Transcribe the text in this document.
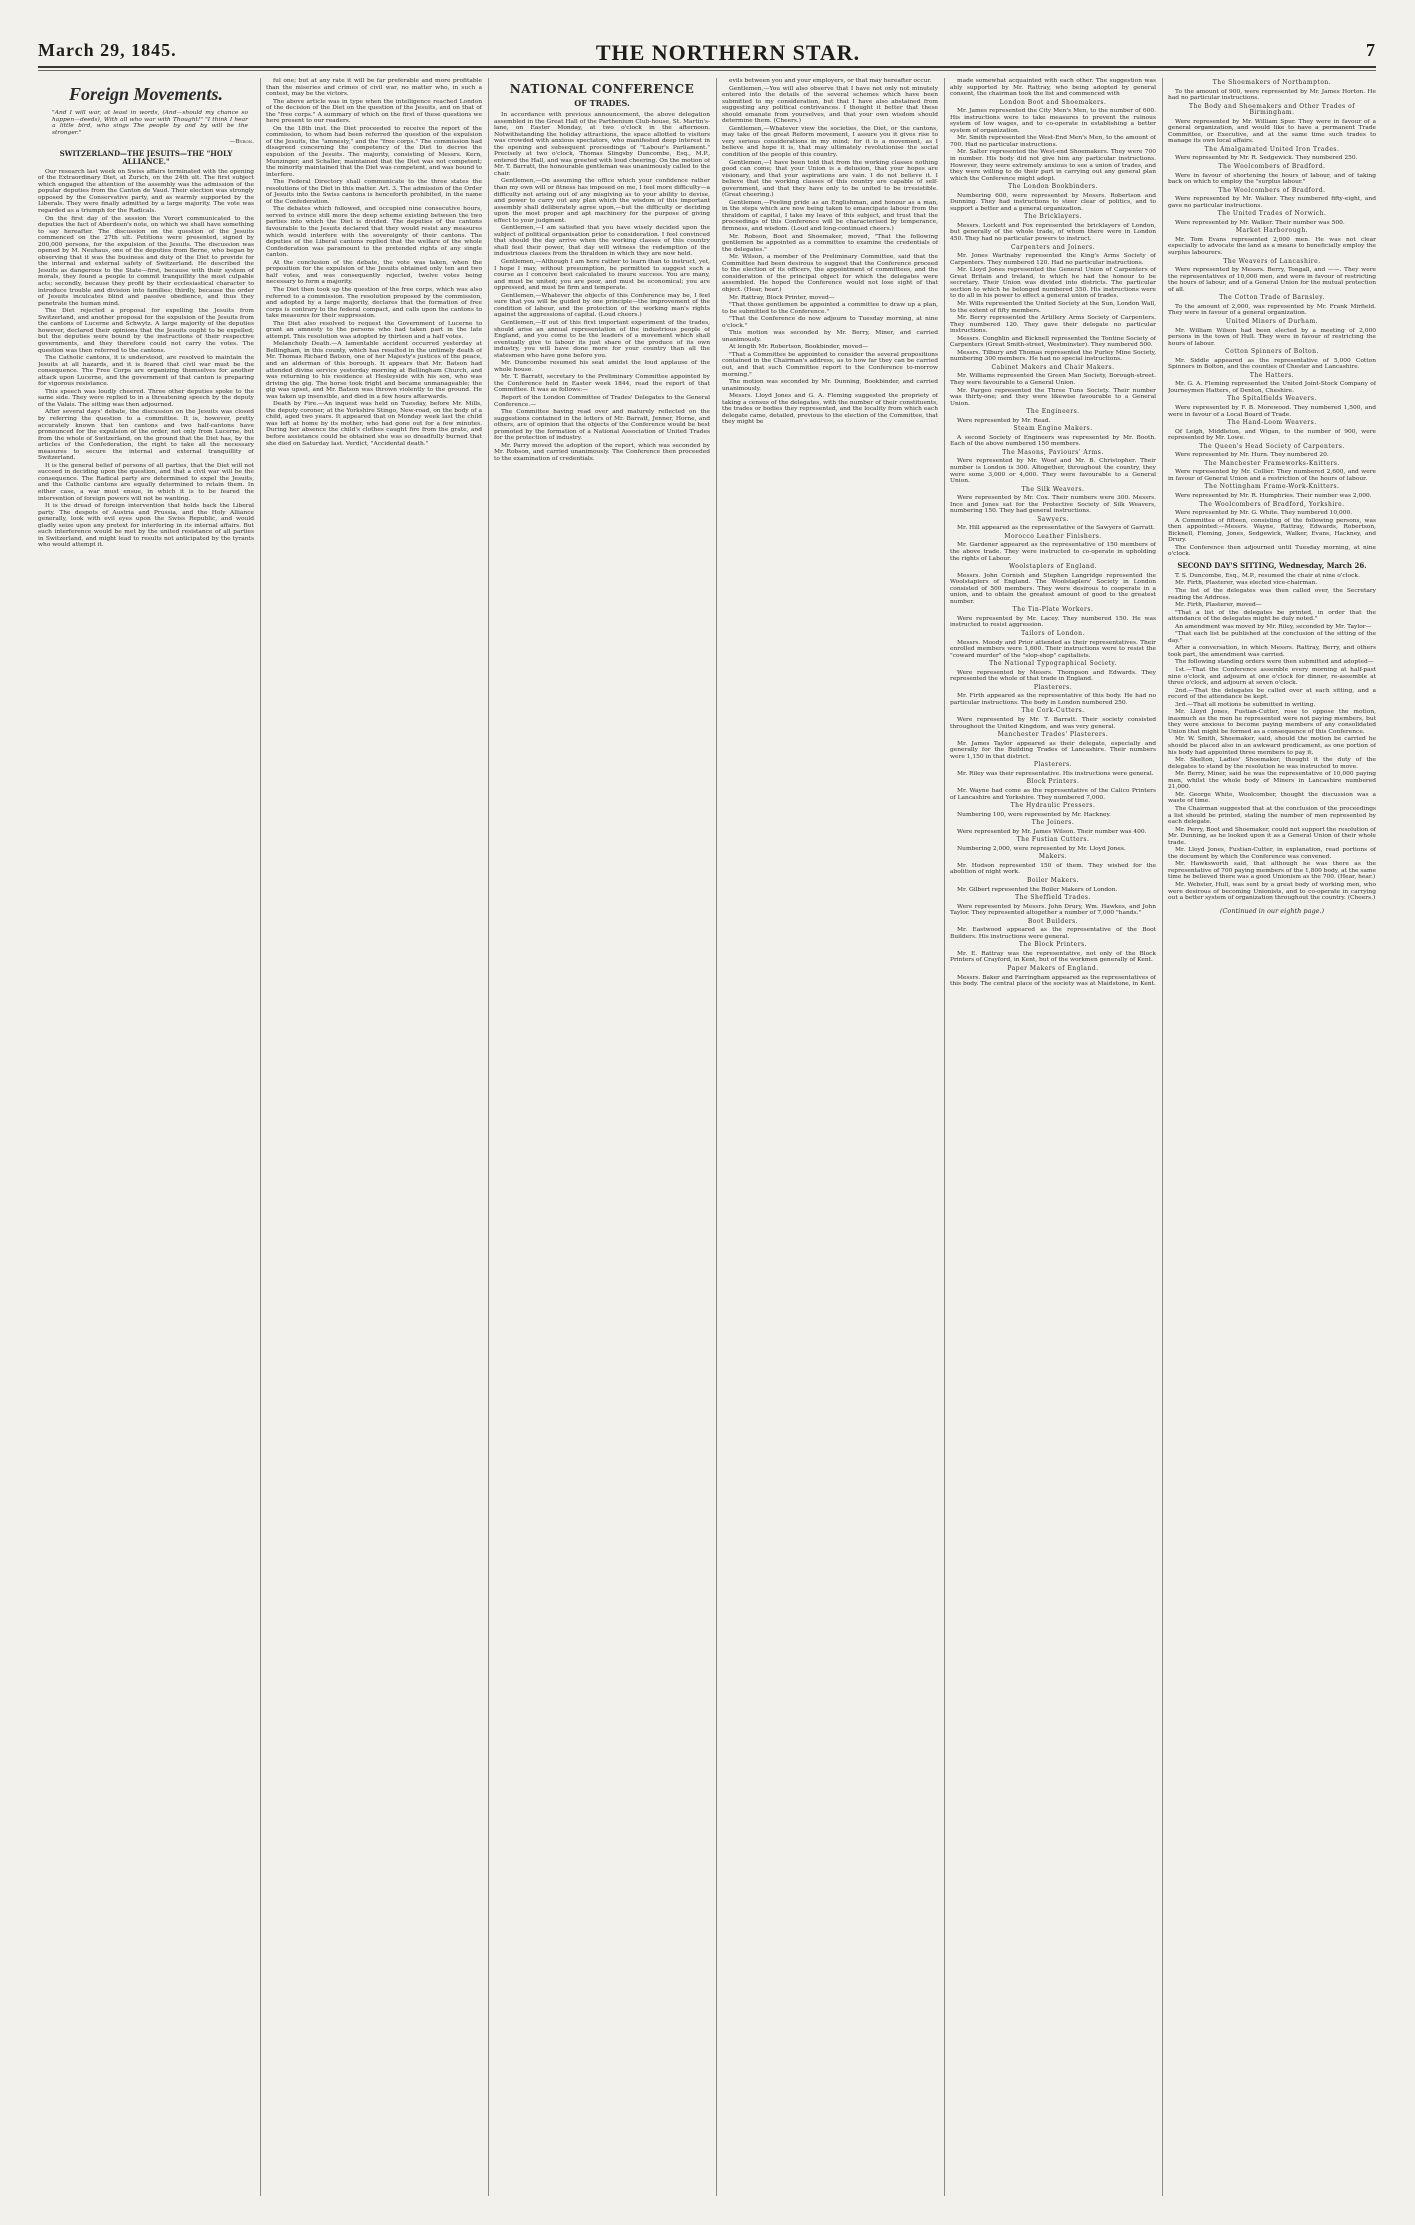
March 29, 1845.	THE NORTHERN STAR.	7
Foreign Movements.

"And I will war, at least in words, (And—should my chance so happen—deeds), With all who war with Thought!" "I think I hear a little bird, who sings The people by and by will be the stronger."

—Byron.

SWITZERLAND—THE JESUITS—THE "HOLY ALLIANCE."

Our research last week on Swiss affairs terminated with the opening of the Extraordinary Diet, at Zurich, on the 24th ult. The first subject which engaged the attention of the assembly was the admission of the popular deputies from the Canton de Vaud. Their election was strongly opposed by the Conservative party, and as warmly supported by the Liberals. They were finally admitted by a large majority. The vote was regarded as a triumph for the Radicals.

On the first day of the session the Vorort communicated to the deputies the fact of Aberdeen's note, on which we shall have something to say hereafter. The discussion on the question of the Jesuits commenced on the 27th ult. Petitions were presented, signed by 200,000 persons, for the expulsion of the Jesuits. The discussion was opened by M. Neuhaus, one of the deputies from Berne, who began by observing that it was the business and duty of the Diet to provide for the internal and external safety of Switzerland. He described the Jesuits as dangerous to the State—first, because with their system of morals, they found a people to commit tranquillity the most culpable acts; secondly, because they profit by their ecclesiastical character to introduce trouble and division into families; thirdly, because the order of Jesuits inculcates blind and passive obedience, and thus they penetrate the human mind.

The Diet rejected a proposal for expelling the Jesuits from Switzerland, and another proposal for the expulsion of the Jesuits from the cantons of Lucerne and Schwytz. A large majority of the deputies however, declared their opinions that the Jesuits ought to be expelled; but the deputies were bound by the instructions of their respective governments, and they therefore could not carry the votes. The question was then referred to the cantons.

The Catholic cantons, it is understood, are resolved to maintain the Jesuits at all hazards, and it is feared that civil war must be the consequence. The Free Corps are organizing themselves for another attack upon Lucerne, and the government of that canton is preparing for vigorous resistance.

This speech was loudly cheered. Three other deputies spoke to the same side. They were replied to in a threatening speech by the deputy of the Valais. The sitting was then adjourned.

After several days' debate, the discussion on the Jesuits was closed by referring the question to a committee. It is, however, pretty accurately known that ten cantons and two half-cantons have pronounced for the expulsion of the order, not only from Lucerne, but from the whole of Switzerland, on the ground that the Diet has, by the articles of the Confederation, the right to take all the necessary measures to secure the internal and external tranquillity of Switzerland.

It is the general belief of persons of all parties, that the Diet will not succeed in deciding upon the question, and that a civil war will be the consequence. The Radical party are determined to expel the Jesuits, and the Catholic cantons are equally determined to retain them. In either case, a war must ensue, in which it is to be feared the intervention of foreign powers will not be wanting.

It is the dread of foreign intervention that holds back the Liberal party. The despots of Austria and Prussia, and the Holy Alliance generally, look with evil eyes upon the Swiss Republic, and would gladly seize upon any pretext for interfering in its internal affairs. But such interference would be met by the united resistance of all parties in Switzerland, and might lead to results not anticipated by the tyrants who would attempt it.

ful one; but at any rate it will be far preferable and more profitable than the miseries and crimes of civil war, no matter who, in such a contest, may be the victors.

The above article was in type when the intelligence reached London of the decision of the Diet on the question of the Jesuits, and on that of the "free corps." A summary of which on the first of these questions we here present to our readers.

On the 18th inst. the Diet proceeded to receive the report of the commission, to whom had been referred the question of the expulsion of the Jesuits, the "amnesty," and the "free corps." The commission had disagreed concerning the competency of the Diet to decree the expulsion of the Jesuits. The majority, consisting of Messrs. Kern, Munzinger, and Schaller, maintained that the Diet was not competent; the minority maintained that the Diet was competent, and was bound to interfere.

The Federal Directory shall communicate to the three states the resolutions of the Diet in this matter. Art. 3. The admission of the Order of Jesuits into the Swiss cantons is henceforth prohibited, in the name of the Confederation.

The debates which followed, and occupied nine consecutive hours, served to evince still more the deep scheme existing between the two parties into which the Diet is divided. The deputies of the cantons favourable to the Jesuits declared that they would resist any measures which would interfere with the sovereignty of their cantons. The deputies of the Liberal cantons replied that the welfare of the whole Confederation was paramount to the pretended rights of any single canton.

At the conclusion of the debate, the vote was taken, when the proposition for the expulsion of the Jesuits obtained only ten and two half votes, and was consequently rejected, twelve votes being necessary to form a majority.

The Diet then took up the question of the free corps, which was also referred to a commission. The resolution proposed by the commission, and adopted by a large majority, declares that the formation of free corps is contrary to the federal compact, and calls upon the cantons to take measures for their suppression.

The Diet also resolved to request the Government of Lucerne to grant an amnesty to the persons who had taken part in the late attempt. This resolution was adopted by thirteen and a half votes.

Melancholy Death.—A lamentable accident occurred yesterday at Bellingham, in this county, which has resulted in the untimely death of Mr. Thomas Richard Batson, one of her Majesty's justices of the peace, and an alderman of this borough. It appears that Mr. Batson had attended divine service yesterday morning at Bellingham Church, and was returning to his residence at Hesleyside with his son, who was driving the gig. The horse took fright and became unmanageable; the gig was upset, and Mr. Batson was thrown violently to the ground. He was taken up insensible, and died in a few hours afterwards.

Death by Fire.—An inquest was held on Tuesday, before Mr. Mills, the deputy coroner, at the Yorkshire Stingo, New-road, on the body of a child, aged two years. It appeared that on Monday week last the child was left at home by its mother, who had gone out for a few minutes. During her absence the child's clothes caught fire from the grate, and before assistance could be obtained she was so dreadfully burned that she died on Saturday last. Verdict, "Accidental death."

NATIONAL CONFERENCE
OF TRADES.

In accordance with previous announcement, the above delegation assembled in the Great Hall of the Parthenium Club-house, St. Martin's-lane, on Easter Monday, at two o'clock in the afternoon. Notwithstanding the holiday attractions, the space allotted to visitors was crowded with anxious spectators, who manifested deep interest in the opening and subsequent proceedings of "Labour's Parliament." Precisely at two o'clock, Thomas Slingsby Duncombe, Esq., M.P., entered the Hall, and was greeted with loud cheering. On the motion of Mr. T. Barratt, the honourable gentleman was unanimously called to the chair.

Gentlemen,—On assuming the office which your confidence rather than my own will or fitness has imposed on me, I feel more difficulty—a difficulty not arising out of any misgiving as to your ability to devise, and power to carry out any plan which the wisdom of this important assembly shall deliberately agree upon,—but the difficulty or deciding upon the most proper and apt machinery for the purpose of giving effect to your judgment.

Gentlemen,—I am satisfied that you have wisely decided upon the subject of political organisation prior to consideration. I feel convinced that should the day arrive when the working classes of this country shall feel their power, that day will witness the redemption of the industrious classes from the thraldom in which they are now held.

Gentlemen,—Although I am here rather to learn than to instruct, yet, I hope I may, without presumption, be permitted to suggest such a course as I conceive best calculated to insure success. You are many, and must be united; you are poor, and must be economical; you are oppressed, and must be firm and temperate.

Gentlemen,—Whatever the objects of this Conference may be, I feel sure that you will be guided by one principle—the improvement of the condition of labour, and the protection of the working man's rights against the aggressions of capital. (Loud cheers.)

Gentlemen,—If out of this first important experiment of the trades, should arise an annual representation of the industrious people of England, and you come to be the leaders of a movement which shall eventually give to labour its just share of the produce of its own industry, you will have done more for your country than all the statesmen who have gone before you.

Mr. Duncombe resumed his seat amidst the loud applause of the whole house.

Mr. T. Barratt, secretary to the Preliminary Committee appointed by the Conference held in Easter week 1844, read the report of that Committee. It was as follows:—

Report of the London Committee of Trades' Delegates to the General Conference.—

The Committee having read over and maturely reflected on the suggestions contained in the letters of Mr. Barratt, Jenner, Horne, and others, are of opinion that the objects of the Conference would be best promoted by the formation of a National Association of United Trades for the protection of industry.

Mr. Parry moved the adoption of the report, which was seconded by Mr. Robson, and carried unanimously. The Conference then proceeded to the examination of credentials.

evils between you and your employers, or that may hereafter occur.

Gentlemen,—You will also observe that I have not only not minutely entered into the details of the several schemes which have been submitted to my consideration, but that I have also abstained from suggesting any political contrivances. I thought it better that these should emanate from yourselves, and that your own wisdom should determine them. (Cheers.)

Gentlemen,—Whatever view the societies, the Diet, or the cantons, may take of the great Reform movement, I assure you it gives rise to very serious considerations in my mind; for it is a movement, as I believe and hope it is, that may ultimately revolutionise the social condition of the people of this country.

Gentlemen,—I have been told that from the working classes nothing good can come; that your Union is a delusion, that your hopes are visionary, and that your aspirations are vain. I do not believe it. I believe that the working classes of this country are capable of self-government, and that they have only to be united to be irresistible. (Great cheering.)

Gentlemen,—Feeling pride as an Englishman, and honour as a man, in the steps which are now being taken to emancipate labour from the thraldom of capital, I take my leave of this subject, and trust that the proceedings of this Conference will be characterised by temperance, firmness, and wisdom. (Loud and long-continued cheers.)

Mr. Robson, Boot and Shoemaker, moved, "That the following gentlemen be appointed as a committee to examine the credentials of the delegates."

Mr. Wilson, a member of the Preliminary Committee, said that the Committee had been desirous to suggest that the Conference proceed to the election of its officers, the appointment of committees, and the consideration of the principal object for which the delegates were assembled. He hoped the Conference would not lose sight of that object. (Hear, hear.)

Mr. Rattray, Block Printer, moved—

"That those gentlemen be appointed a committee to draw up a plan, to be submitted to the Conference."

"That the Conference do now adjourn to Tuesday morning, at nine o'clock."

This motion was seconded by Mr. Berry, Miner, and carried unanimously.

At length Mr. Robertson, Bookbinder, moved—

"That a Committee be appointed to consider the several propositions contained in the Chairman's address, as to how far they can be carried out, and that such Committee report to the Conference to-morrow morning."

The motion was seconded by Mr. Dunning, Bookbinder, and carried unanimously.

Messrs. Lloyd Jones and G. A. Fleming suggested the propriety of taking a census of the delegates, with the number of their constituents, the trades or bodies they represented, and the locality from which each delegate came, detailed, previous to the election of the Committee, that they might be

made somewhat acquainted with each other. The suggestion was ably supported by Mr. Rattray, who being adopted by general consent, the chairman took the list and commenced with

London Boot and Shoemakers.

Mr. James represented the City Men's Men, to the number of 600. His instructions were to take measures to prevent the ruinous system of low wages, and to co-operate in establishing a better system of organization.

Mr. Smith represented the West-End Men's Men, to the amount of 700. Had no particular instructions.

Mr. Salter represented the West-end Shoemakers. They were 700 in number. His body did not give him any particular instructions. However, they were extremely anxious to see a union of trades, and they were willing to do their part in carrying out any general plan which the Conference might adopt.

The London Bookbinders.

Numbering 600, were represented by Messrs. Robertson and Dunning. They had instructions to steer clear of politics, and to support a better and a general organization.

The Bricklayers.

Messrs. Lockett and Fox represented the bricklayers of London, but generally of the whole trade, of whom there were in London 450. They had no particular powers to instruct.

Carpenters and Joiners.

Mr. Jones Wartnaby represented the King's Arms Society of Carpenters. They numbered 120. Had no particular instructions.

Mr. Lloyd Jones represented the General Union of Carpenters of Great Britain and Ireland, to which he had the honour to be secretary. Their Union was divided into districts. The particular section to which he belonged numbered 350. His instructions were to do all in his power to effect a general union of trades.

Mr. Wills represented the United Society at the Sun, London Wall, to the extent of fifty members.

Mr. Berry represented the Artillery Arms Society of Carpenters. They numbered 120. They gave their delegate no particular instructions.

Messrs. Conghlin and Bicknell represented the Tontine Society of Carpenters (Great Smith-street, Westminster). They numbered 500.

Messrs. Tilbury and Thomas represented the Purley Mine Society, numbering 300 members. He had no special instructions.

Cabinet Makers and Chair Makers.

Mr. Williams represented the Green Man Society, Borough-street. They were favourable to a General Union.

Mr. Pargeo represented the Three Tuns Society. Their number was thirty-one; and they were likewise favourable to a General Union.

The Engineers.

Were represented by Mr. Read.

Steam Engine Makers.

A second Society of Engineers was represented by Mr. Booth. Each of the above numbered 150 members.

The Masons, Paviours' Arms.

Were represented by Mr. Woof and Mr. B. Christopher. Their number is London is 300. Altogether, throughout the country, they were some 3,000 or 4,000. They were favourable to a General Union.

The Silk Weavers.

Were represented by Mr. Cox. Their numbers were 300. Messrs. Ince and Jones sat for the Protective Society of Silk Weavers, numbering 150. They had general instructions.

Sawyers.

Mr. Hill appeared as the representative of the Sawyers of Garratt.

Morocco Leather Finishers.

Mr. Gardener appeared as the representative of 150 members of the above trade. They were instructed to co-operate in upholding the rights of Labour.

Woolstaplers of England.

Messrs. John Cornish and Stephen Langridge represented the Woolstaplers of England. The Woolstaplers' Society in London consisted of 500 members. They were desirous to cooperate in a union, and to obtain the greatest amount of good to the greatest number.

The Tin-Plate Workers.

Were represented by Mr. Lacey. They numbered 150. He was instructed to resist aggression.

Tailors of London.

Messrs. Moody and Prior attended as their representatives. Their enrolled members were 1,600. Their instructions were to resist the "coward murder" of the "slop-shop" capitalists.

The National Typographical Society.

Were represented by Messrs. Thompson and Edwards. They represented the whole of that trade in England.

Plasterers.

Mr. Firth appeared as the representative of this body. He had no particular instructions. The body in London numbered 250.

The Cork-Cutters.

Were represented by Mr. T. Barratt. Their society consisted throughout the United Kingdom, and was very general.

Manchester Trades' Plasterers.

Mr. James Taylor appeared as their delegate, especially and generally for the Building Trades of Lancashire. Their numbers were 1,150 in that district.

Plasterers.

Mr. Riley was their representative. His instructions were general.

Block Printers.

Mr. Wayne had come as the representative of the Calico Printers of Lancashire and Yorkshire. They numbered 7,000.

The Hydraulic Pressers.

Numbering 100, were represented by Mr. Hackney.

The Joiners.

Were represented by Mr. James Wilson. Their number was 400.

The Fustian Cutters.

Numbering 2,000, were represented by Mr. Lloyd Jones.

Makers.

Mr. Hodson represented 150 of them. They wished for the abolition of night work.

Boiler Makers.

Mr. Gilbert represented the Boiler Makers of London.

The Sheffield Trades.

Were represented by Messrs. John Drury, Wm. Hawkes, and John Taylor. They represented altogether a number of 7,000 "hands."

Boot Builders.

Mr. Eastwood appeared as the representative of the Boot Builders. His instructions were general.

The Block Printers.

Mr. E. Rattray was the representative, not only of the Block Printers of Crayford, in Kent, but of the workmen generally of Kent.

Paper Makers of England.

Messrs. Baker and Farringham appeared as the representatives of this body. The central place of the society was at Maidstone, in Kent.

The Shoemakers of Northampton.

To the amount of 900, were represented by Mr. James Horton. He had no particular instructions.

The Body and Shoemakers and Other Trades of Birmingham.

Were represented by Mr. William Spur. They were in favour of a general organization, and would like to have a permanent Trade Committee, or Executive, and at the same time such trades to manage its own local affairs.

The Amalgamated United Iron Trades.

Were represented by Mr. R. Sedgewick. They numbered 250.

The Woolcombers of Bradford.

Were in favour of shortening the hours of labour, and of taking back on which to employ the "surplus labour."

The Woolcombers of Bradford.

Were represented by Mr. Walker. They numbered fifty-eight, and gave no particular instructions.

The United Trades of Norwich.

Were represented by Mr. Walker. Their number was 500.

Market Harborough.

Mr. Tom Evans represented 2,000 men. He was not clear especially to advocate the land as a means to beneficially employ the surplus labourers.

The Weavers of Lancashire.

Were represented by Messrs. Berry, Tongall, and ——. They were the representatives of 10,000 men, and were in favour of restricting the hours of labour, and of a General Union for the mutual protection of all.

The Cotton Trade of Barnsley.

To the amount of 2,000, was represented by Mr. Frank Mirfield. They were in favour of a general organization.

United Miners of Durham.

Mr. William Wilson had been elected by a meeting of 2,000 persons in the town of Hull. They were in favour of restricting the hours of labour.

Cotton Spinners of Bolton.

Mr. Siddle appeared as the representative of 5,000 Cotton Spinners in Bolton, and the counties of Chester and Lancashire.

The Hatters.

Mr. G. A. Fleming represented the United Joint-Stock Company of Journeymen Hatters, of Denton, Cheshire.

The Spitalfields Weavers.

Were represented by F. B. Morewood. They numbered 1,500, and were in favour of a Local Board of Trade.

The Hand-Loom Weavers.

Of Leigh, Middleton, and Wigan, to the number of 900, were represented by Mr. Lowe.

The Queen's Head Society of Carpenters.

Were represented by Mr. Hurn. They numbered 20.

The Manchester Frameworks-Knitters.

Were represented by Mr. Collier. They numbered 2,600, and were in favour of General Union and a restriction of the hours of labour.

The Nottingham Frame-Work-Knitters.

Were represented by Mr. R. Humphries. Their number was 2,000.

The Woolcombers of Bradford, Yorkshire.

Were represented by Mr. G. White. They numbered 10,000.

A Committee of fifteen, consisting of the following persons, was then appointed:—Messrs. Wayne, Rattray, Edwards, Robertson, Bicknell, Fleming, Jones, Sedgewick, Walker, Evans, Hackney, and Drury.

The Conference then adjourned until Tuesday morning, at nine o'clock.

SECOND DAY'S SITTING, Wednesday, March 26.

T. S. Duncombe, Esq., M.P., resumed the chair at nine o'clock.

Mr. Firth, Plasterer, was elected vice-chairman.

The list of the delegates was then called over, the Secretary reading the Address.

Mr. Firth, Plasterer, moved—

"That a list of the delegates be printed, in order that the attendance of the delegates might be duly noted."

An amendment was moved by Mr. Riley, seconded by Mr. Taylor—

"That each list be published at the conclusion of the sitting of the day."

After a conversation, in which Messrs. Rattray, Berry, and others took part, the amendment was carried.

The following standing orders were then submitted and adopted—

1st.—That the Conference assemble every morning at half-past nine o'clock, and adjourn at one o'clock for dinner, re-assemble at three o'clock, and adjourn at seven o'clock.

2nd.—That the delegates be called over at each sitting, and a record of the attendance be kept.

3rd.—That all motions be submitted in writing.

Mr. Lloyd Jones, Fustian-Cutter, rose to oppose the motion, inasmuch as the men he represented were not paying members, but they were anxious to become paying members of any consolidated Union that might be formed as a consequence of this Conference.

Mr. W. Smith, Shoemaker, said, should the motion be carried he should be placed also in an awkward predicament, as one portion of his body had appointed three members to pay it.

Mr. Skelton, Ladies' Shoemaker, thought it the duty of the delegates to stand by the resolution he was instructed to move.

Mr. Berry, Miner, said he was the representative of 10,000 paying men, whilst the whole body of Miners in Lancashire numbered 21,000.

Mr. George White, Woolcomber, thought the discussion was a waste of time.

The Chairman suggested that at the conclusion of the proceedings a list should be printed, stating the number of men represented by each delegate.

Mr. Perry, Boot and Shoemaker, could not support the resolution of Mr. Dunning, as he looked upon it as a General Union of their whole trade.

Mr. Lloyd Jones, Fustian-Cutter, in explanation, read portions of the document by which the Conference was convened.

Mr. Hawksworth said, that although he was there as the representative of 700 paying members of the 1,800 body, at the same time he believed there was a good Unionism as the 700. (Hear, hear.)

Mr. Webster, Hull, was sent by a great body of working men, who were desirous of becoming Unionists, and to co-operate in carrying out a better system of organization throughout the country. (Cheers.)

(Continued in our eighth page.)
